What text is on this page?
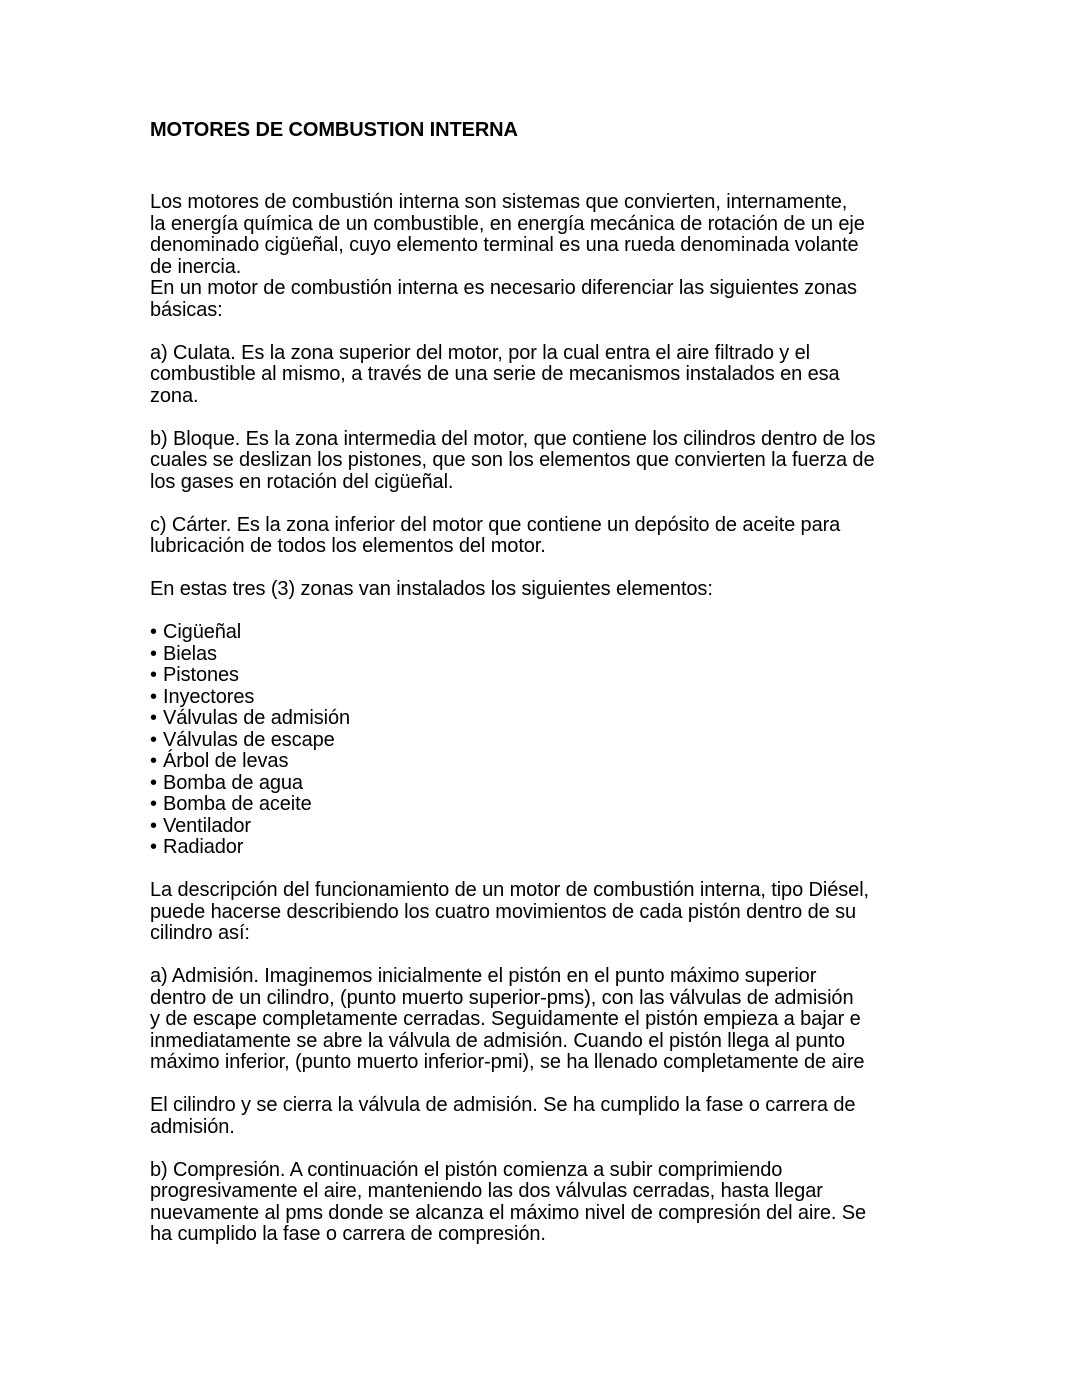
MOTORES DE COMBUSTION INTERNA
Los motores de combustión interna son sistemas que convierten, internamente,
la energía química de un combustible, en energía mecánica de rotación de un eje
denominado cigüeñal, cuyo elemento terminal es una rueda denominada volante
de inercia.
En un motor de combustión interna es necesario diferenciar las siguientes zonas
básicas:
a) Culata. Es la zona superior del motor, por la cual entra el aire filtrado y el
combustible al mismo, a través de una serie de mecanismos instalados en esa
zona.
b) Bloque. Es la zona intermedia del motor, que contiene los cilindros dentro de los
cuales se deslizan los pistones, que son los elementos que convierten la fuerza de
los gases en rotación del cigüeñal.
c) Cárter. Es la zona inferior del motor que contiene un depósito de aceite para
lubricación de todos los elementos del motor.
En estas tres (3) zonas van instalados los siguientes elementos:
• Cigüeñal
• Bielas
• Pistones
• Inyectores
• Válvulas de admisión
• Válvulas de escape
• Árbol de levas
• Bomba de agua
• Bomba de aceite
• Ventilador
• Radiador
La descripción del funcionamiento de un motor de combustión interna, tipo Diésel,
puede hacerse describiendo los cuatro movimientos de cada pistón dentro de su
cilindro así:
a) Admisión. Imaginemos inicialmente el pistón en el punto máximo superior
dentro de un cilindro, (punto muerto superior-pms), con las válvulas de admisión
y de escape completamente cerradas. Seguidamente el pistón empieza a bajar e
inmediatamente se abre la válvula de admisión. Cuando el pistón llega al punto
máximo inferior, (punto muerto inferior-pmi), se ha llenado completamente de aire
El cilindro y se cierra la válvula de admisión. Se ha cumplido la fase o carrera de
admisión.
b) Compresión. A continuación el pistón comienza a subir comprimiendo
progresivamente el aire, manteniendo las dos válvulas cerradas, hasta llegar
nuevamente al pms donde se alcanza el máximo nivel de compresión del aire. Se
ha cumplido la fase o carrera de compresión.
